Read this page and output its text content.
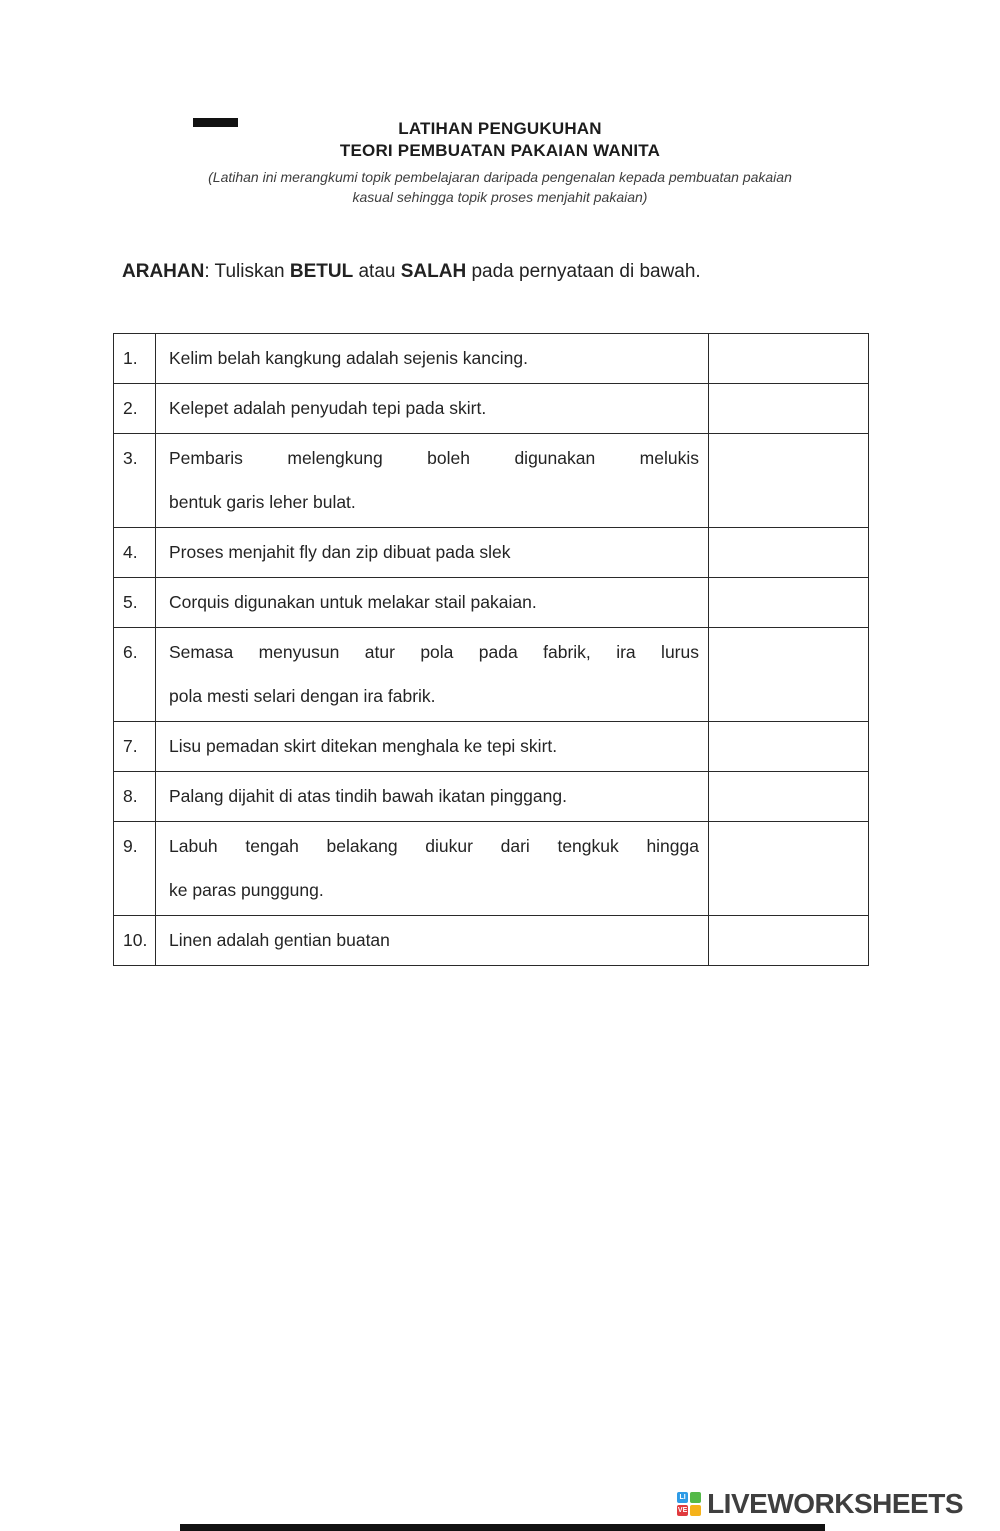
LATIHAN PENGUKUHAN
TEORI PEMBUATAN PAKAIAN WANITA
(Latihan ini merangkumi topik pembelajaran daripada pengenalan kepada pembuatan pakaian
kasual sehingga topik proses menjahit pakaian)
ARAHAN: Tuliskan BETUL atau SALAH pada pernyataan di bawah.
1.	Kelim belah kangkung adalah sejenis kancing.	

2.	Kelepet adalah penyudah tepi pada skirt.	

3.	Pembaris melengkung boleh digunakan melukis
bentuk garis leher bulat.	

4.	Proses menjahit fly dan zip dibuat pada slek	

5.	Corquis digunakan untuk melakar stail pakaian.	

6.	Semasa menyusun atur pola pada fabrik, ira lurus
pola mesti selari dengan ira fabrik.	

7.	Lisu pemadan skirt ditekan menghala ke tepi skirt.	

8.	Palang dijahit di atas tindih bawah ikatan pinggang.	

9.	Labuh tengah belakang diukur dari tengkuk hingga
ke paras punggung.	

10.	Linen adalah gentian buatan	

LI
VE LIVEWORKSHEETS
